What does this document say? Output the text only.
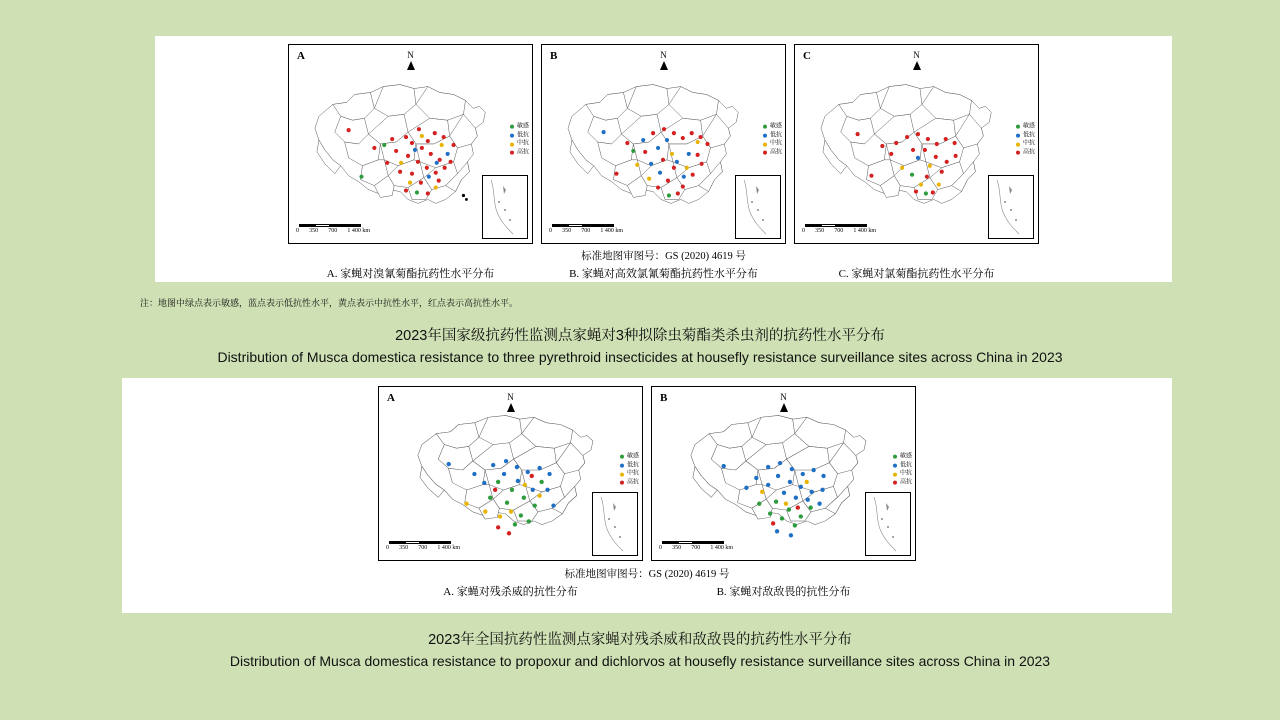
A	N
敏感
低抗
中抗
高抗
0 350 700 1 400 km
B	N
敏感
低抗
中抗
高抗
0 350 700 1 400 km
C	N
敏感
低抗
中抗
高抗
0 350 700 1 400 km
标准地图审图号：GS (2020) 4619 号
A. 家蝇对溴氰菊酯抗药性水平分布	B. 家蝇对高效氯氰菊酯抗药性水平分布	C. 家蝇对氯菊酯抗药性水平分布
注：地图中绿点表示敏感，蓝点表示低抗性水平，黄点表示中抗性水平，红点表示高抗性水平。
2023年国家级抗药性监测点家蝇对3种拟除虫菊酯类杀虫剂的抗药性水平分布
Distribution of Musca domestica resistance to three pyrethroid insecticides at housefly resistance surveillance sites across China in 2023
A	N
敏感
低抗
中抗
高抗
0 350 700 1 400 km
B	N
敏感
低抗
中抗
高抗
0 350 700 1 400 km
标准地图审图号：GS (2020) 4619 号
A. 家蝇对残杀威的抗性分布	B. 家蝇对敌敌畏的抗性分布
2023年全国抗药性监测点家蝇对残杀威和敌敌畏的抗药性水平分布
Distribution of Musca domestica resistance to propoxur and dichlorvos at housefly resistance surveillance sites across China in 2023
